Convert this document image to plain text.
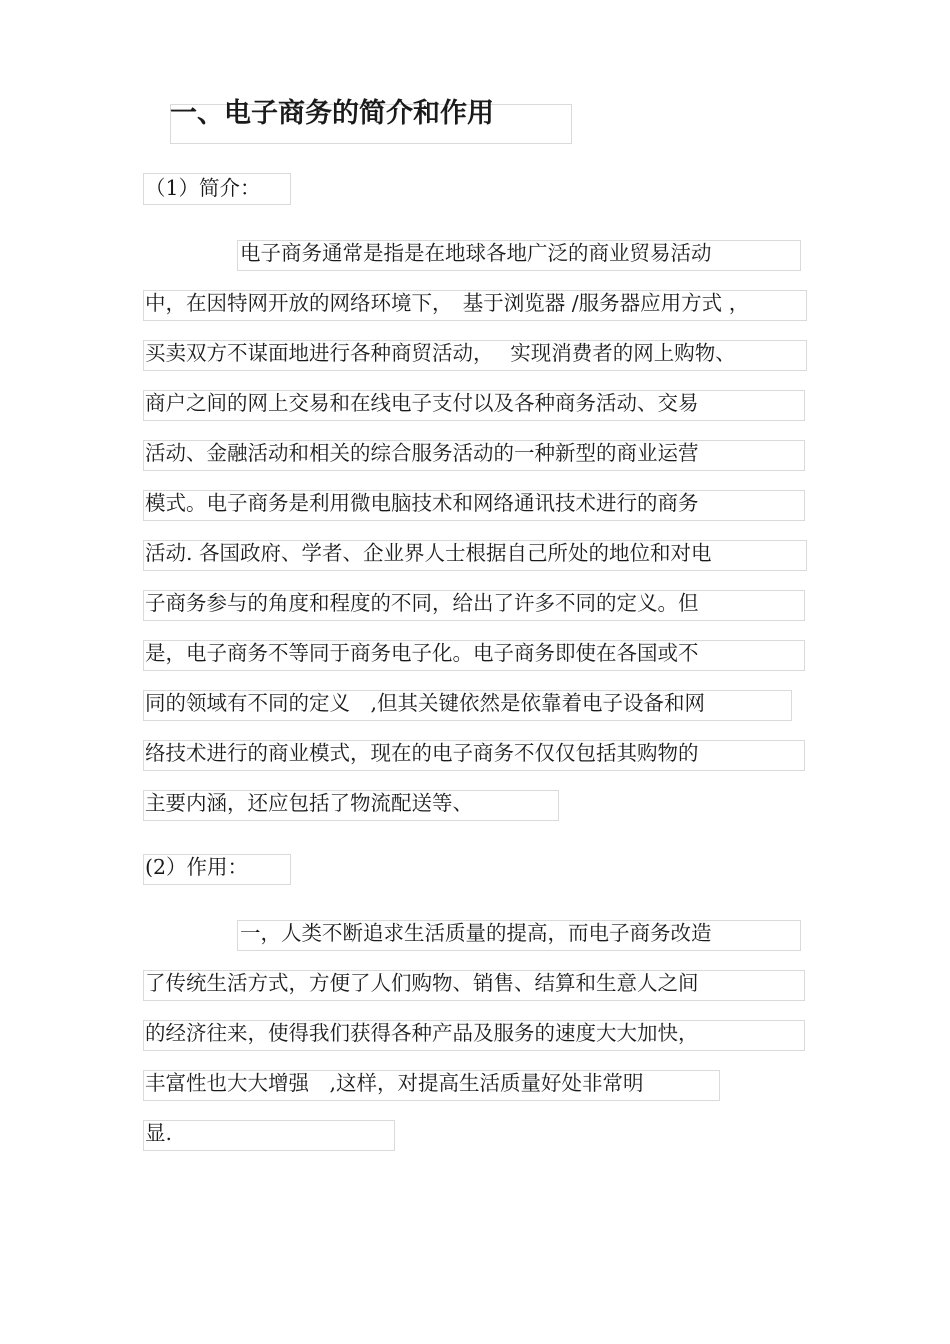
一、电子商务的简介和作用
（1）简介：
电子商务通常是指是在地球各地广泛的商业贸易活动
中，在因特网开放的网络环境下，　基于浏览器 /服务器应用方式 ，
买卖双方不谋面地进行各种商贸活动，　 实现消费者的网上购物、
商户之间的网上交易和在线电子支付以及各种商务活动、交易
活动、金融活动和相关的综合服务活动的一种新型的商业运营
模式。电子商务是利用微电脑技术和网络通讯技术进行的商务
活动. 各国政府、学者、企业界人士根据自己所处的地位和对电
子商务参与的角度和程度的不同，给出了许多不同的定义。但
是，电子商务不等同于商务电子化。电子商务即使在各国或不
同的领域有不同的定义　,但其关键依然是依靠着电子设备和网
络技术进行的商业模式，现在的电子商务不仅仅包括其购物的
主要内涵，还应包括了物流配送等、
(2）作用：
一，人类不断追求生活质量的提高，而电子商务改造
了传统生活方式，方便了人们购物、销售、结算和生意人之间
的经济往来，使得我们获得各种产品及服务的速度大大加快，
丰富性也大大增强　,这样，对提高生活质量好处非常明
显.
